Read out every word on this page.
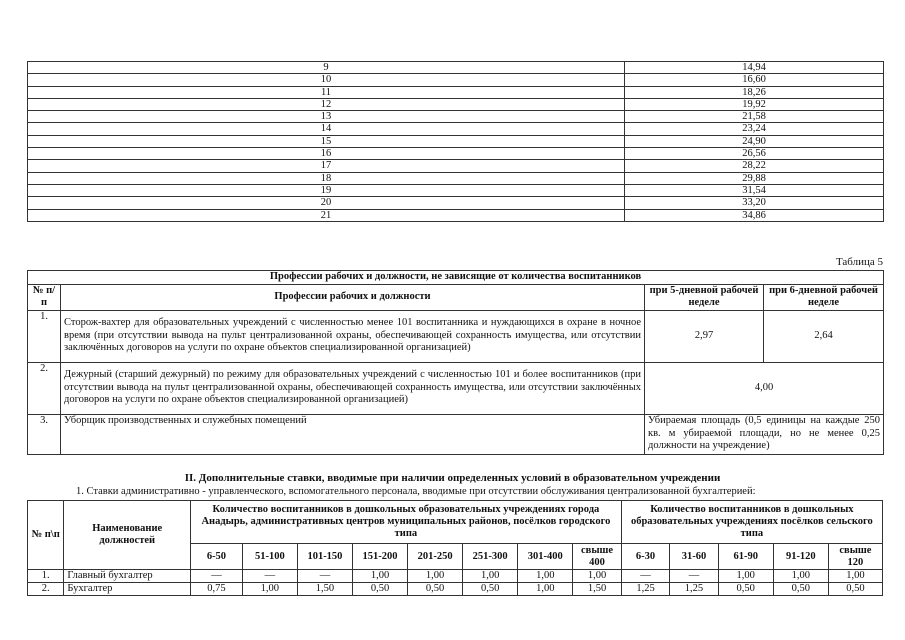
9	14,94
10	16,60
11	18,26
12	19,92
13	21,58
14	23,24
15	24,90
16	26,56
17	28,22
18	29,88
19	31,54
20	33,20
21	34,86
Таблица 5
Профессии рабочих и должности, не зависящие от количества воспитанников			
№ п/п	Профессии рабочих и должности	при 5-дневной рабочей неделе	при 6-дневной рабочей неделе
1.	Сторож-вахтер для образовательных учреждений с численностью менее 101 воспитанника и нуждающихся в охране в ночное время (при отсутствии вывода на пульт централизованной охраны, обеспечивающей сохранность имущества, или отсутствии заключённых договоров на услуги по охране объектов специализированной организацией)	2,97	2,64
2.	Дежурный (старший дежурный) по режиму для образовательных учреждений с численностью 101 и более воспитанников (при отсутствии вывода на пульт централизованной охраны, обеспечивающей сохранность имущества, или отсутствии заключённых договоров на услуги по охране объектов специализированной организацией)	4,00	
3.	Уборщик производственных и служебных помещений	Убираемая площадь (0,5 единицы на каждые 250 кв. м убираемой площади, но не менее 0,25 должности на учреждение)	
II. Дополнительные ставки, вводимые при наличии определенных условий в образовательном учреждении
1. Ставки административно - управленческого, вспомогательного персонала, вводимые при отсутствии обслуживания централизованной бухгалтерией:
№ п\п	Наименование должностей	Количество воспитанников в дошкольных образовательных учреждениях города Анадырь, административных центров муниципальных районов, посёлков городского типа								Количество воспитанников в дошкольных образовательных учреждениях посёлков сельского типа				
		6-50	51-100	101-150	151-200	201-250	251-300	301-400	свыше 400	6-30	31-60	61-90	91-120	свыше 120
1.	Главный бухгалтер	—	—	—	1,00	1,00	1,00	1,00	1,00	—	—	1,00	1,00	1,00
2.	Бухгалтер	0,75	1,00	1,50	0,50	0,50	0,50	1,00	1,50	1,25	1,25	0,50	0,50	0,50
